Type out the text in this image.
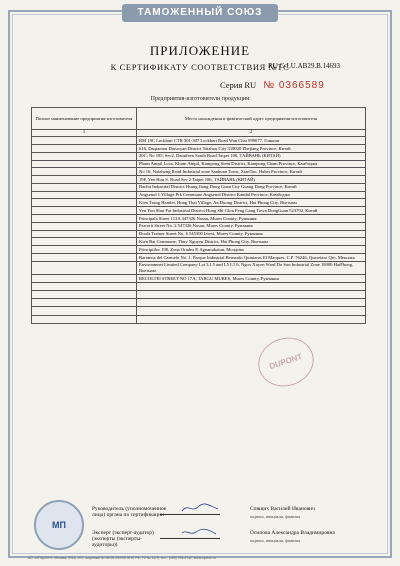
ТАМОЖЕННЫЙ СОЮЗ
ПРИЛОЖЕНИЕ
К СЕРТИФИКАТУ СООТВЕТСТВИЯ №ТС
RU C-LU.AB29.B.14693
Серия RU № 0366589
Предприятия-изготовители продукции
Полное наименование предприятия-изготовителя	Место нахождения и фактический адрес предприятия-изготовителя
1	2
	RM 19C Lockhart CTR 301-307 Lockhart Road Wan Chai 999077, Гонконг
	616, Daqiaotou Daruoyan District Taizhou City 318020 Zhejiang Province, Китай
	20C, No 185, Sec2, Daonfeen South Road Taipei 106, ТАЙВАНЬ (КИТАЙ)
	Phum Ampil Loca, Khum Ampil, Kampong Siem District, Kampong Cham Province, Камбоджа
	No 16, Naizhong Road Industrial zone Sanhuna Town, XianTao, Hubei Province, Китай
	19F, Yen Hon S. Road Sec 2 Taipei 106, ТАЙВАНЬ (КИТАЙ)
	Baohu Industrial District Hsang Jiang Dong Guan City Guang Dong Province, Китай
	Angsenol 1 Village Prk Commune Angsenol District Kandal Province, Камбоджа
	Kien Trung Hamlet, Hong Thai Village, An Duong District, Hai Phong City, Вьетнам
	Yen Yon Shui Pai Industrial District Hong Shi Glou Feng Gang Town DongGuan 523792, Китай
	Principala Street 113A 347326 Nasau, Mures County, Румыния
	Parcerii Street No. 2 547326 Nasau, Mures County, Румыния
	Doola Trainer Street No. 6 545300 Ieresi, Mures County, Румыния
	Kien Bai Commune, Thuy Nguyen District, Hai Phong City, Вьетнам
	Principiilor 198, Zona Oradea P, Agnanubaiun, Молдова
	Barranca del Carmelo No. 1, Parque Industrial Bernardo Quintana, El Marques, C.P. 76246, Queretaro Qro, Мексика
	Environmnet Limited Company Lot L1.5 and L5 L1.6, Ngox Xuyen Ward Do Son Industrial Zone 18000 HaiPhong, Вьетнам
	RECOLTEI STREET NO 17A, TARGU MURES, Mures County, Румыния

DUPONT
МП
Руководитель (уполномоченное лицо) органа по сертификации
Спящих Василий Иванович
подпись, инициалы, фамилия
Эксперт (эксперт-аудитор) (эксперты (эксперты-аудиторы))
Осипова Александра Владимировна
подпись, инициалы, фамилия
АО «ОПЦИОН», Москва, 2016, «Б», лицензия № 05-05-09/003 ФНС РФ, ТЗ № 1179, тел.: (495) 726-4742, www.opcion.ru
